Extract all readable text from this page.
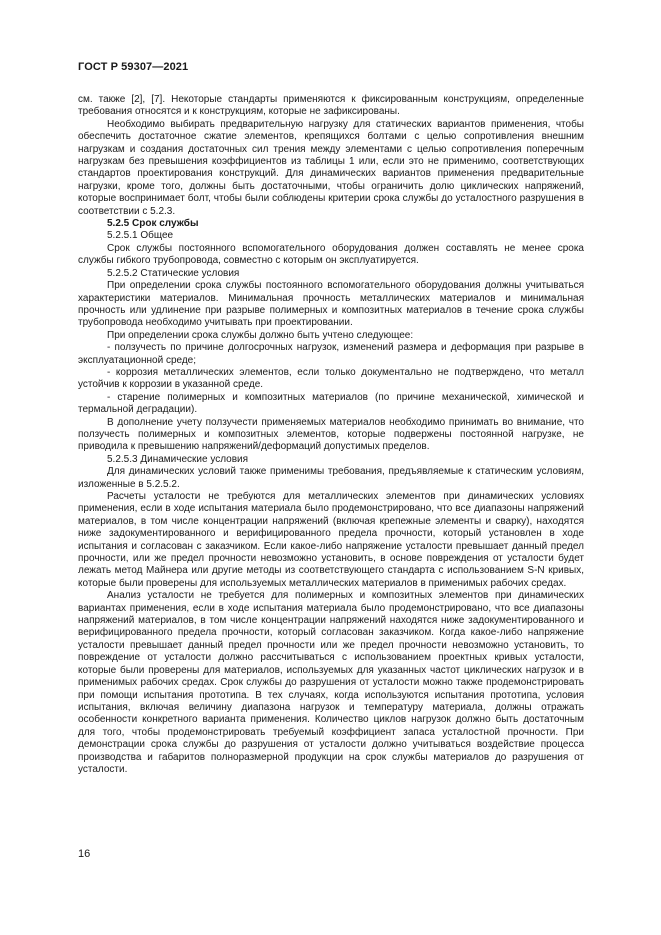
ГОСТ Р 59307—2021

см. также [2], [7]. Некоторые стандарты применяются к фиксированным конструкциям, определенные требования относятся и к конструкциям, которые не зафиксированы.

Необходимо выбирать предварительную нагрузку для статических вариантов применения, чтобы обеспечить достаточное сжатие элементов, крепящихся болтами с целью сопротивления внешним нагрузкам и создания достаточных сил трения между элементами с целью сопротивления поперечным нагрузкам без превышения коэффициентов из таблицы 1 или, если это не применимо, соответствующих стандартов проектирования конструкций. Для динамических вариантов применения предварительные нагрузки, кроме того, должны быть достаточными, чтобы ограничить долю циклических напряжений, которые воспринимает болт, чтобы были соблюдены критерии срока службы до усталостного разрушения в соответствии с 5.2.3.

5.2.5 Срок службы

5.2.5.1 Общее

Срок службы постоянного вспомогательного оборудования должен составлять не менее срока службы гибкого трубопровода, совместно с которым он эксплуатируется.

5.2.5.2 Статические условия

При определении срока службы постоянного вспомогательного оборудования должны учитываться характеристики материалов. Минимальная прочность металлических материалов и минимальная прочность или удлинение при разрыве полимерных и композитных материалов в течение срока службы трубопровода необходимо учитывать при проектировании.

При определении срока службы должно быть учтено следующее:

- ползучесть по причине долгосрочных нагрузок, изменений размера и деформация при разрыве в эксплуатационной среде;

- коррозия металлических элементов, если только документально не подтверждено, что металл устойчив к коррозии в указанной среде.

- старение полимерных и композитных материалов (по причине механической, химической и термальной деградации).

В дополнение учету ползучести применяемых материалов необходимо принимать во внимание, что ползучесть полимерных и композитных элементов, которые подвержены постоянной нагрузке, не приводила к превышению напряжений/деформаций допустимых пределов.

5.2.5.3 Динамические условия

Для динамических условий также применимы требования, предъявляемые к статическим условиям, изложенные в 5.2.5.2.

Расчеты усталости не требуются для металлических элементов при динамических условиях применения, если в ходе испытания материала было продемонстрировано, что все диапазоны напряжений материалов, в том числе концентрации напряжений (включая крепежные элементы и сварку), находятся ниже задокументированного и верифицированного предела прочности, который установлен в ходе испытания и согласован с заказчиком. Если какое-либо напряжение усталости превышает данный предел прочности, или же предел прочности невозможно установить, в основе повреждения от усталости будет лежать метод Майнера или другие методы из соответствующего стандарта с использованием S-N кривых, которые были проверены для используемых металлических материалов в применимых рабочих средах.

Анализ усталости не требуется для полимерных и композитных элементов при динамических вариантах применения, если в ходе испытания материала было продемонстрировано, что все диапазоны напряжений материалов, в том числе концентрации напряжений находятся ниже задокументированного и верифицированного предела прочности, который согласован заказчиком. Когда какое-либо напряжение усталости превышает данный предел прочности или же предел прочности невозможно установить, то повреждение от усталости должно рассчитываться с использованием проектных кривых усталости, которые были проверены для материалов, используемых для указанных частот циклических нагрузок и в применимых рабочих средах. Срок службы до разрушения от усталости можно также продемонстрировать при помощи испытания прототипа. В тех случаях, когда используются испытания прототипа, условия испытания, включая величину диапазона нагрузок и температуру материала, должны отражать особенности конкретного варианта применения. Количество циклов нагрузок должно быть достаточным для того, чтобы продемонстрировать требуемый коэффициент запаса усталостной прочности. При демонстрации срока службы до разрушения от усталости должно учитываться воздействие процесса производства и габаритов полноразмерной продукции на срок службы материалов до разрушения от усталости.

16
